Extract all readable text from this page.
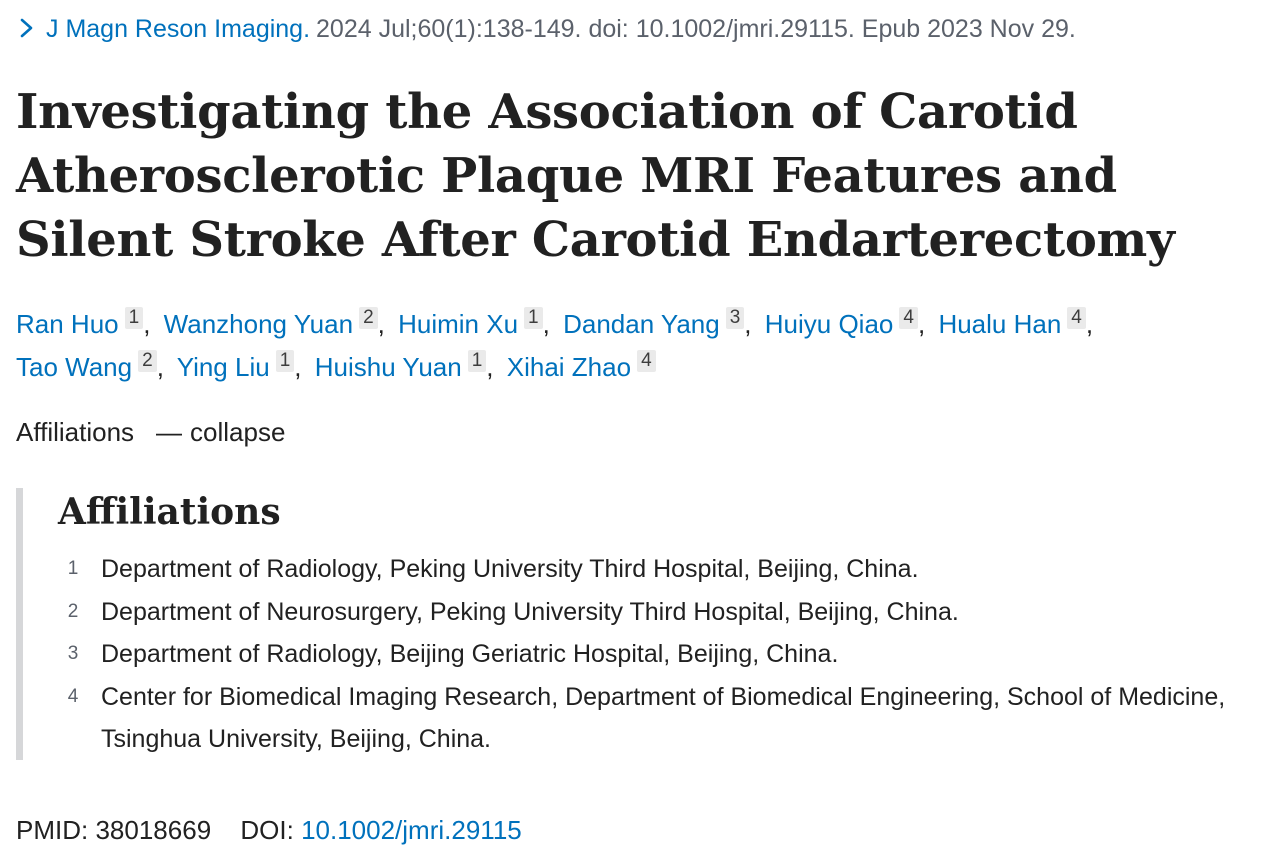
J Magn Reson Imaging. 2024 Jul;60(1):138-149. doi: 10.1002/jmri.29115. Epub 2023 Nov 29.
Investigating the Association of Carotid Atherosclerotic Plaque MRI Features and Silent Stroke After Carotid Endarterectomy
Ran Huo 1 , Wanzhong Yuan 2 , Huimin Xu 1 , Dandan Yang 3 , Huiyu Qiao 4 , Hualu Han 4 ,
Tao Wang 2 , Ying Liu 1 , Huishu Yuan 1 , Xihai Zhao 4
Affiliations — collapse
Affiliations
1 Department of Radiology, Peking University Third Hospital, Beijing, China.
2 Department of Neurosurgery, Peking University Third Hospital, Beijing, China.
3 Department of Radiology, Beijing Geriatric Hospital, Beijing, China.
4 Center for Biomedical Imaging Research, Department of Biomedical Engineering, School of Medicine, Tsinghua University, Beijing, China.
PMID: 38018669 DOI: 10.1002/jmri.29115
